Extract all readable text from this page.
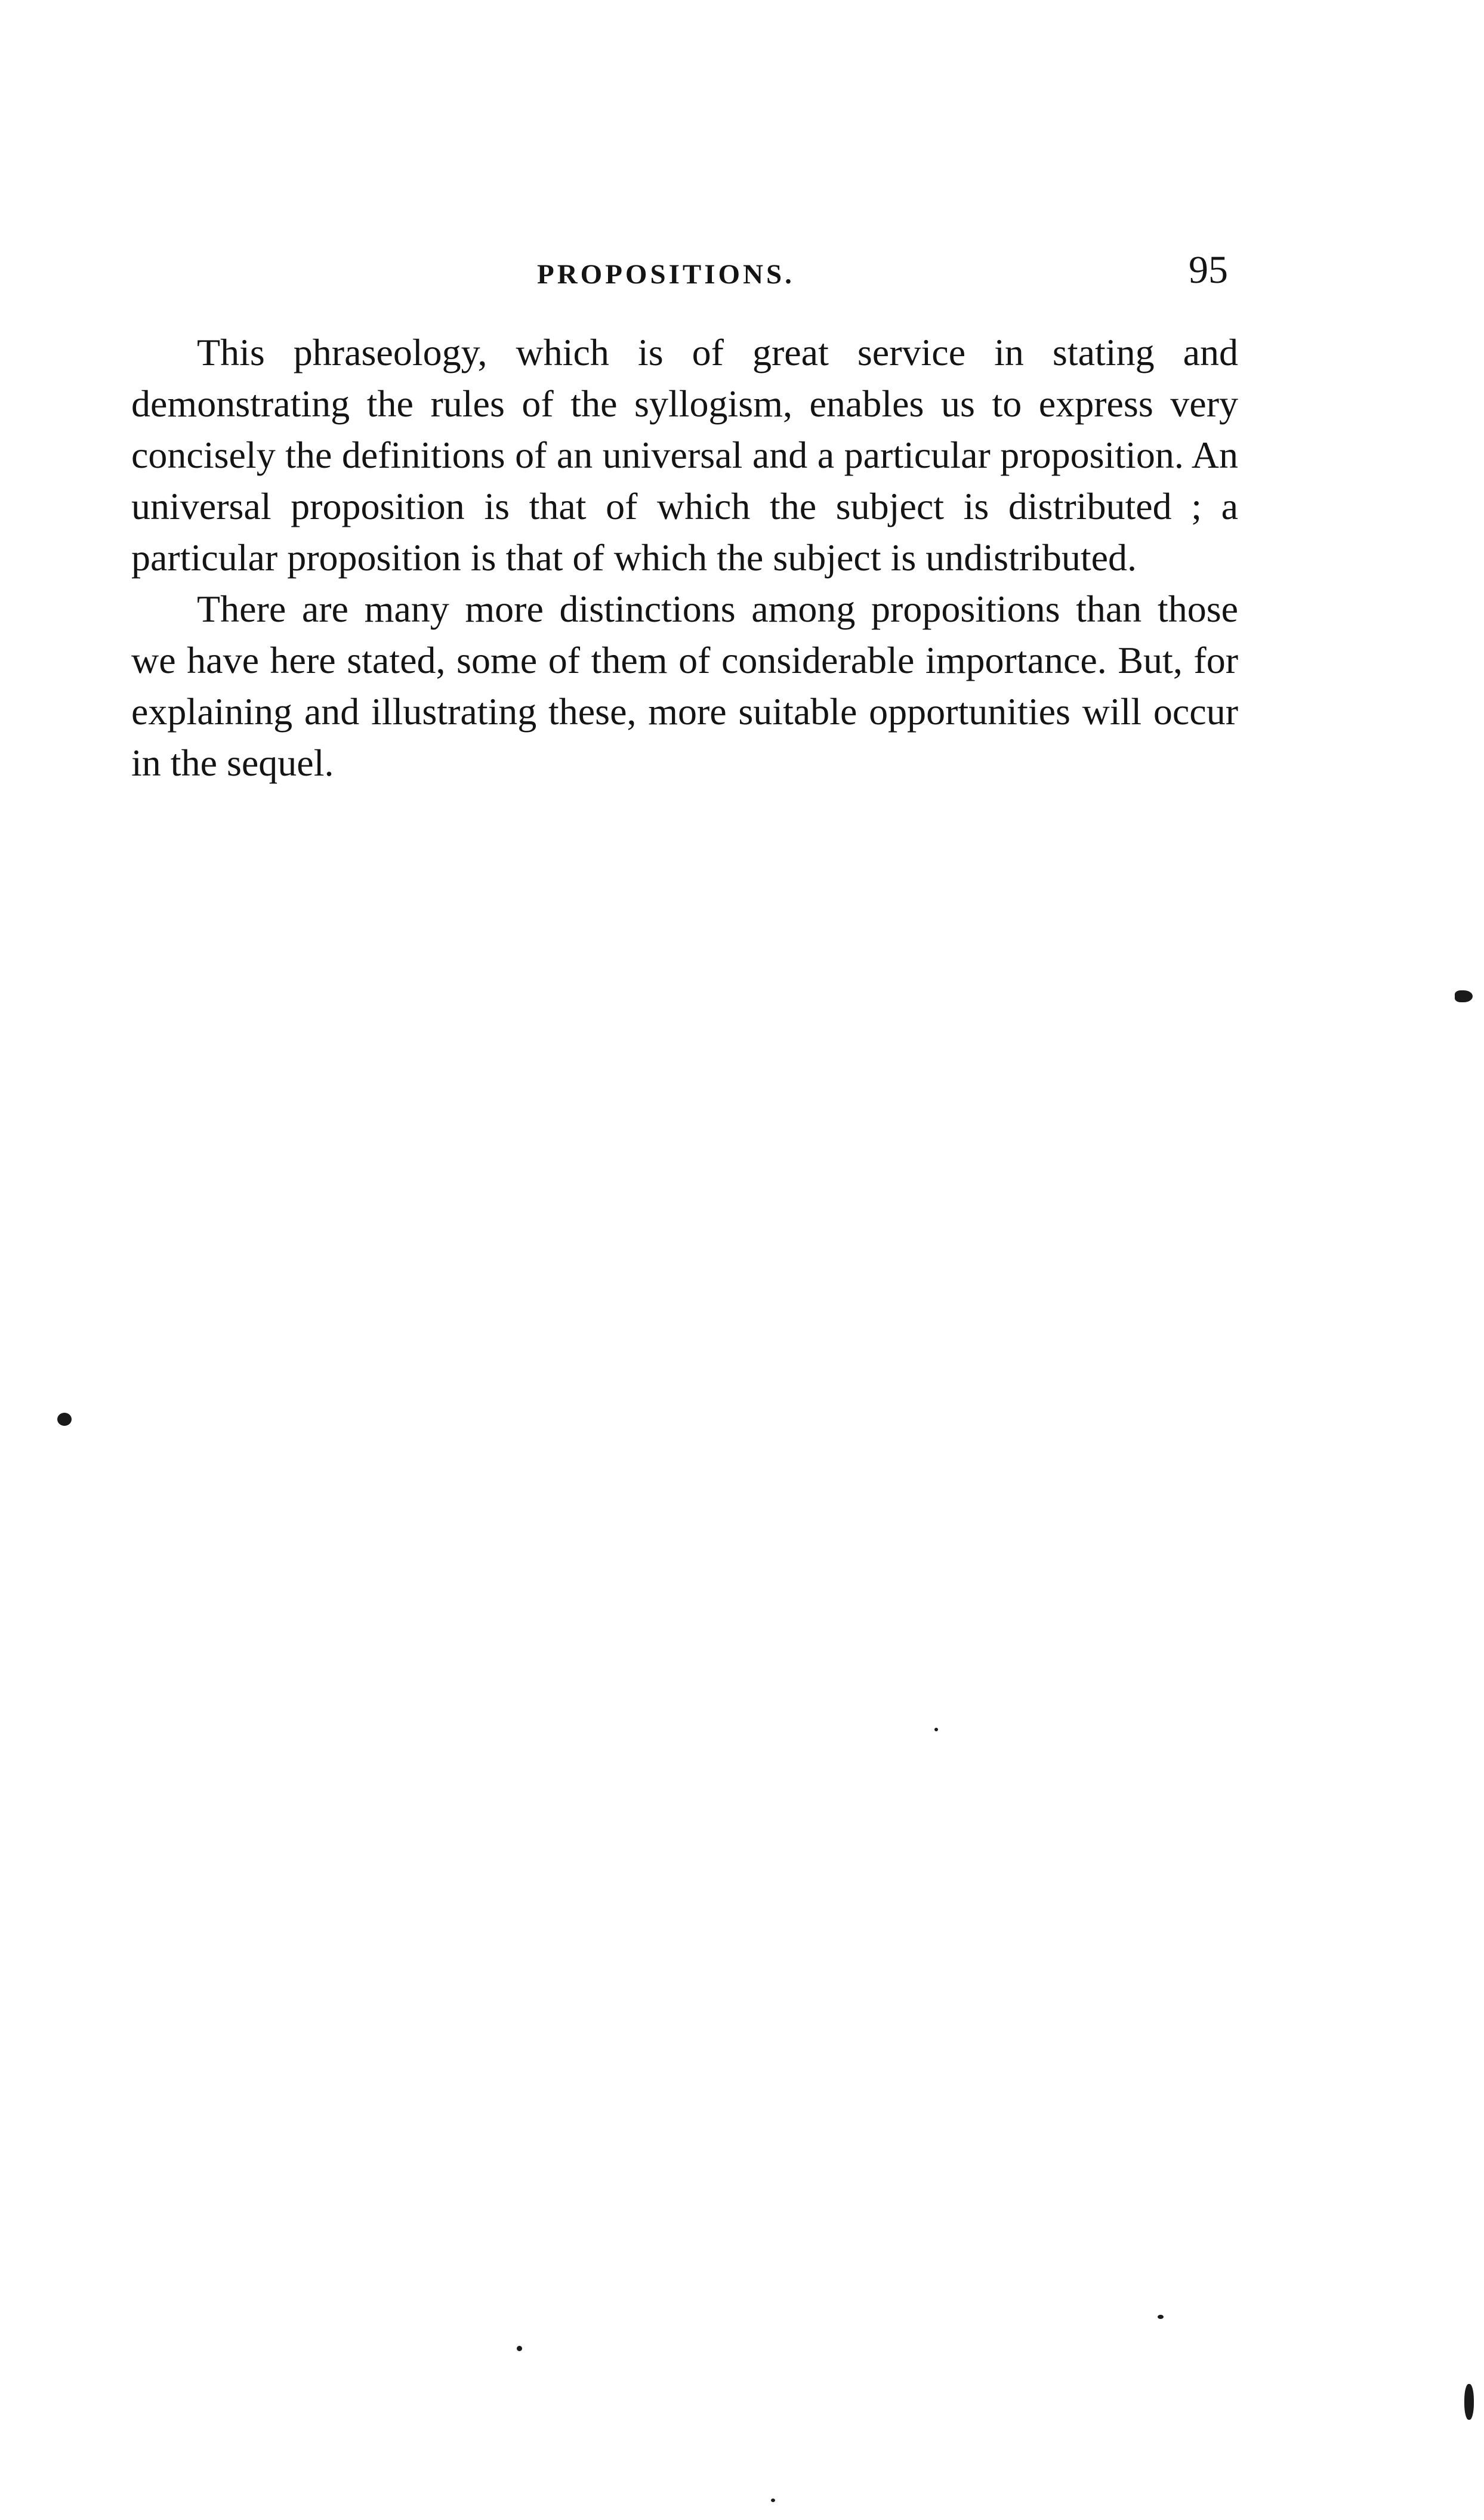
PROPOSITIONS.	95

This phraseology, which is of great service in stating and demonstrating the rules of the syllogism, enables us to express very concisely the definitions of an universal and a particular proposition. An universal proposition is that of which the subject is distributed ; a particular proposition is that of which the subject is undistributed.

There are many more distinctions among propositions than those we have here stated, some of them of considerable importance. But, for explaining and illustrating these, more suitable opportunities will occur in the sequel.
